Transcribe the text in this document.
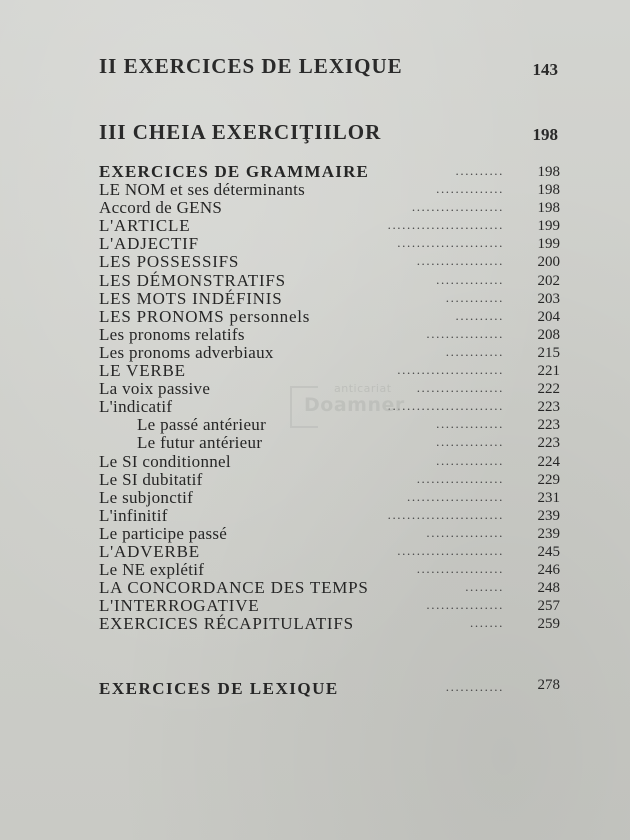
II EXERCICES DE LEXIQUE	143
III CHEIA EXERCIŢIILOR	198
EXERCICES DE GRAMMAIRE	..........	198
LE NOM et ses déterminants	..............	198
Accord de GENS	...................	198
L'ARTICLE	........................	199
L'ADJECTIF	......................	199
LES POSSESSIFS	..................	200
LES DÉMONSTRATIFS	..............	202
LES MOTS INDÉFINIS	............	203
LES PRONOMS personnels	..........	204
Les pronoms relatifs	................	208
Les pronoms adverbiaux	............	215
LE VERBE	......................	221
La voix passive	..................	222
L'indicatif	........................	223
Le passé antérieur	..............	223
Le futur antérieur	..............	223
Le SI conditionnel	..............	224
Le SI dubitatif	..................	229
Le subjonctif	....................	231
L'infinitif	........................	239
Le participe passé	................	239
L'ADVERBE	......................	245
Le NE explétif	..................	246
LA CONCORDANCE DES TEMPS	........	248
L'INTERROGATIVE	................	257
EXERCICES RÉCAPITULATIFS	.......	259
EXERCICES DE LEXIQUE	............ 278
anticariat
Doamner
